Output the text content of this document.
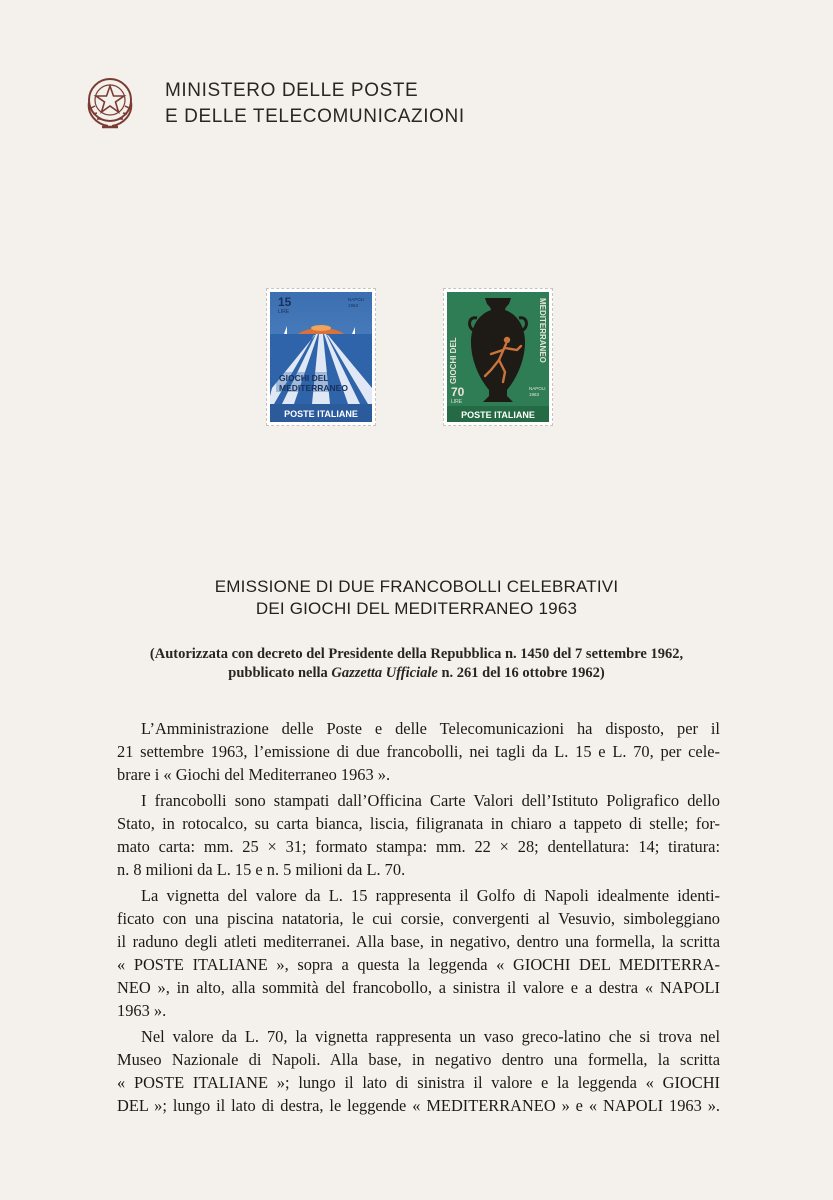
MINISTERO DELLE POSTE
E DELLE TELECOMUNICAZIONI
GIOCHI DEL
MEDITERRANEO
15
LIRE
NAPOLI
1963
POSTE ITALIANE
GIOCHI DEL	MEDITERRANEO
70
LIRE
NAPOLI
1963
POSTE ITALIANE
EMISSIONE DI DUE FRANCOBOLLI CELEBRATIVI
DEI GIOCHI DEL MEDITERRANEO 1963
(Autorizzata con decreto del Presidente della Repubblica n. 1450 del 7 settembre 1962,
pubblicato nella Gazzetta Ufficiale n. 261 del 16 ottobre 1962)
L’Amministrazione delle Poste e delle Telecomunicazioni ha disposto, per il
21 settembre 1963, l’emissione di due francobolli, nei tagli da L. 15 e L. 70, per cele-
brare i « Giochi del Mediterraneo 1963 ».
I francobolli sono stampati dall’Officina Carte Valori dell’Istituto Poligrafico dello
Stato, in rotocalco, su carta bianca, liscia, filigranata in chiaro a tappeto di stelle; for-
mato carta: mm. 25 × 31; formato stampa: mm. 22 × 28; dentellatura: 14; tiratura:
n. 8 milioni da L. 15 e n. 5 milioni da L. 70.
La vignetta del valore da L. 15 rappresenta il Golfo di Napoli idealmente identi-
ficato con una piscina natatoria, le cui corsie, convergenti al Vesuvio, simboleggiano
il raduno degli atleti mediterranei. Alla base, in negativo, dentro una formella, la scritta
« POSTE ITALIANE », sopra a questa la leggenda « GIOCHI DEL MEDITERRA-
NEO », in alto, alla sommità del francobollo, a sinistra il valore e a destra « NAPOLI
1963 ».
Nel valore da L. 70, la vignetta rappresenta un vaso greco-latino che si trova nel
Museo Nazionale di Napoli. Alla base, in negativo dentro una formella, la scritta
« POSTE ITALIANE »; lungo il lato di sinistra il valore e la leggenda « GIOCHI
DEL »; lungo il lato di destra, le leggende « MEDITERRANEO » e « NAPOLI 1963 ».
